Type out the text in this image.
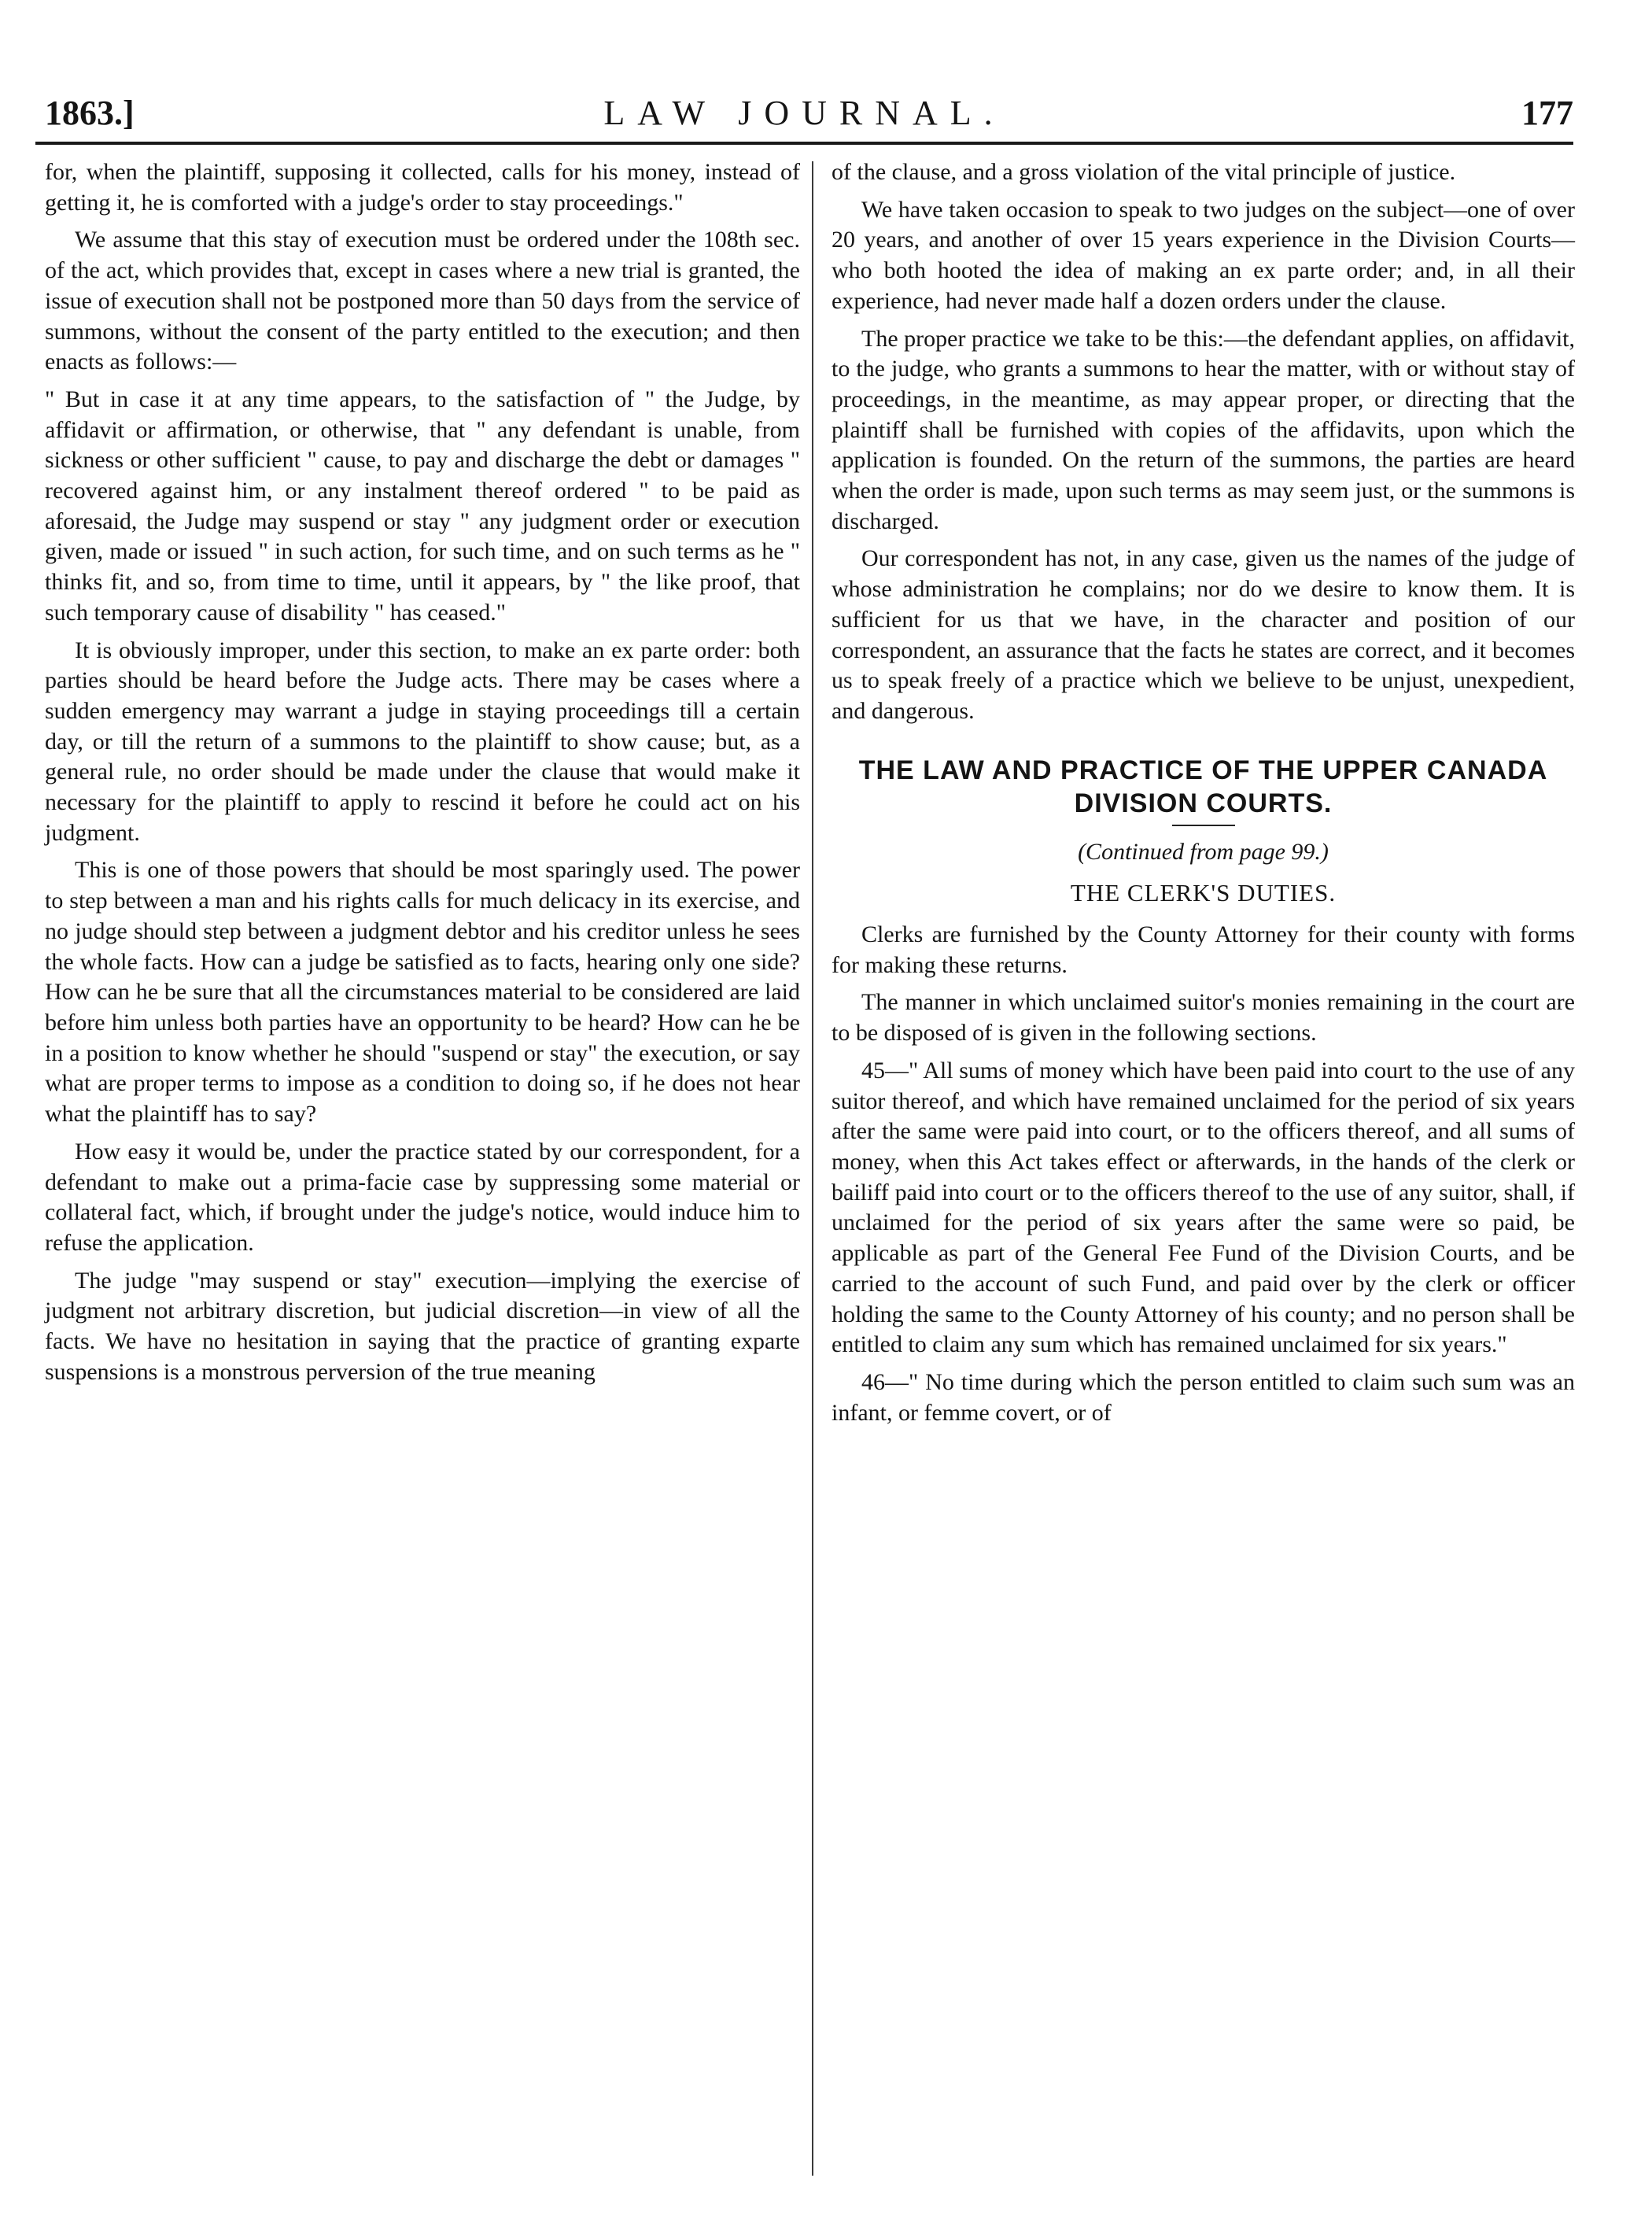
1863.]	LAW JOURNAL.	177

for, when the plaintiff, supposing it collected, calls for his money, instead of getting it, he is comforted with a judge's order to stay proceedings."

We assume that this stay of execution must be ordered under the 108th sec. of the act, which provides that, except in cases where a new trial is granted, the issue of execution shall not be postponed more than 50 days from the service of summons, without the consent of the party entitled to the execution; and then enacts as follows:—

" But in case it at any time appears, to the satisfaction of " the Judge, by affidavit or affirmation, or otherwise, that " any defendant is unable, from sickness or other sufficient " cause, to pay and discharge the debt or damages " recovered against him, or any instalment thereof ordered " to be paid as aforesaid, the Judge may suspend or stay " any judgment order or execution given, made or issued " in such action, for such time, and on such terms as he " thinks fit, and so, from time to time, until it appears, by " the like proof, that such temporary cause of disability " has ceased."

It is obviously improper, under this section, to make an ex parte order: both parties should be heard before the Judge acts. There may be cases where a sudden emergency may warrant a judge in staying proceedings till a certain day, or till the return of a summons to the plaintiff to show cause; but, as a general rule, no order should be made under the clause that would make it necessary for the plaintiff to apply to rescind it before he could act on his judgment.

This is one of those powers that should be most sparingly used. The power to step between a man and his rights calls for much delicacy in its exercise, and no judge should step between a judgment debtor and his creditor unless he sees the whole facts. How can a judge be satisfied as to facts, hearing only one side? How can he be sure that all the circumstances material to be considered are laid before him unless both parties have an opportunity to be heard? How can he be in a position to know whether he should "suspend or stay" the execution, or say what are proper terms to impose as a condition to doing so, if he does not hear what the plaintiff has to say?

How easy it would be, under the practice stated by our correspondent, for a defendant to make out a prima-facie case by suppressing some material or collateral fact, which, if brought under the judge's notice, would induce him to refuse the application.

The judge "may suspend or stay" execution—implying the exercise of judgment not arbitrary discretion, but judicial discretion—in view of all the facts. We have no hesitation in saying that the practice of granting exparte suspensions is a monstrous perversion of the true meaning

of the clause, and a gross violation of the vital principle of justice.

We have taken occasion to speak to two judges on the subject—one of over 20 years, and another of over 15 years experience in the Division Courts—who both hooted the idea of making an ex parte order; and, in all their experience, had never made half a dozen orders under the clause.

The proper practice we take to be this:—the defendant applies, on affidavit, to the judge, who grants a summons to hear the matter, with or without stay of proceedings, in the meantime, as may appear proper, or directing that the plaintiff shall be furnished with copies of the affidavits, upon which the application is founded. On the return of the summons, the parties are heard when the order is made, upon such terms as may seem just, or the summons is discharged.

Our correspondent has not, in any case, given us the names of the judge of whose administration he complains; nor do we desire to know them. It is sufficient for us that we have, in the character and position of our correspondent, an assurance that the facts he states are correct, and it becomes us to speak freely of a practice which we believe to be unjust, unexpedient, and dangerous.

THE LAW AND PRACTICE OF THE UPPER CANADA DIVISION COURTS.
(Continued from page 99.)
THE CLERK'S DUTIES.

Clerks are furnished by the County Attorney for their county with forms for making these returns.

The manner in which unclaimed suitor's monies remaining in the court are to be disposed of is given in the following sections.

45—" All sums of money which have been paid into court to the use of any suitor thereof, and which have remained unclaimed for the period of six years after the same were paid into court, or to the officers thereof, and all sums of money, when this Act takes effect or afterwards, in the hands of the clerk or bailiff paid into court or to the officers thereof to the use of any suitor, shall, if unclaimed for the period of six years after the same were so paid, be applicable as part of the General Fee Fund of the Division Courts, and be carried to the account of such Fund, and paid over by the clerk or officer holding the same to the County Attorney of his county; and no person shall be entitled to claim any sum which has remained unclaimed for six years."

46—" No time during which the person entitled to claim such sum was an infant, or femme covert, or of
